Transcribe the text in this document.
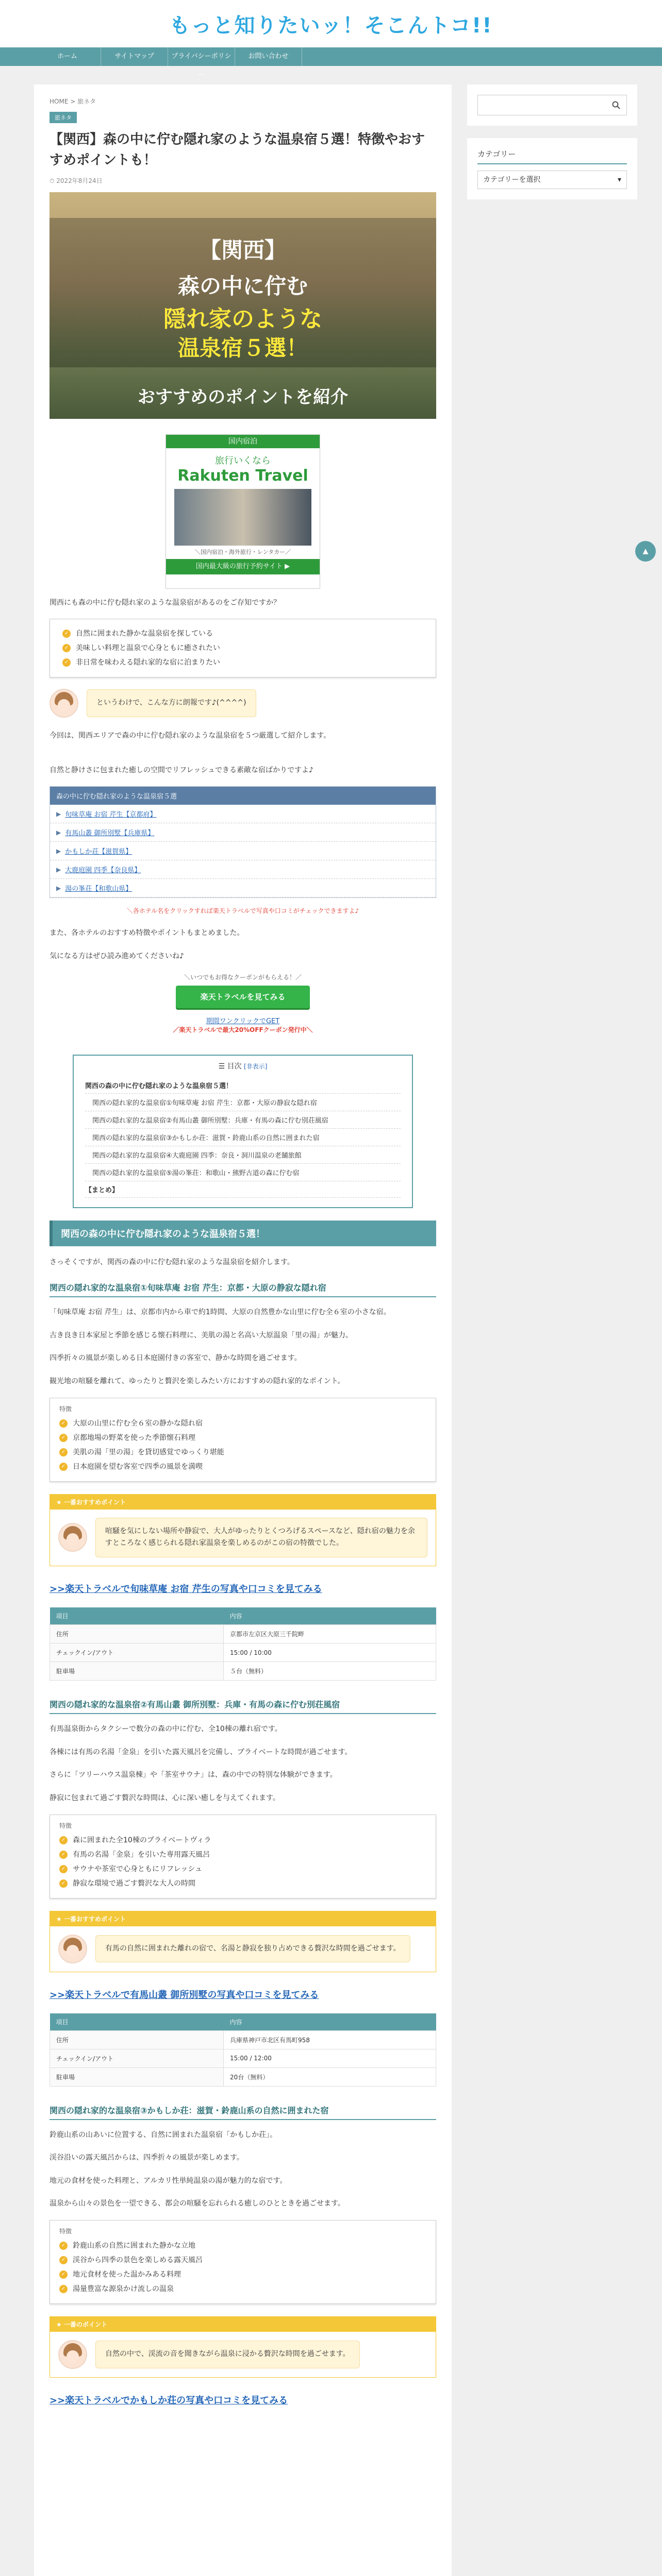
もっと知りたいッ！そこんトコ!!
ホーム	サイトマップ	プライバシーポリシー
お問い合わせ
HOME > 旅ネタ
旅ネタ
【関西】森の中に佇む隠れ家のような温泉宿５選！特徴やおすすめポイントも！
⏱ 2022年8月24日
【関西】
森の中に佇む
隠れ家のような
温泉宿５選！
おすすめのポイントを紹介
国内宿泊
旅行いくなら
Rakuten Travel
＼国内宿泊・海外旅行・レンタカー／
国内最大級の旅行予約サイト ▶

関西にも森の中に佇む隠れ家のような温泉宿があるのをご存知ですか？

✓ 自然に囲まれた静かな温泉宿を探している
✓ 美味しい料理と温泉で心身ともに癒されたい
✓ 非日常を味わえる隠れ家的な宿に泊まりたい
というわけで、こんな方に朗報です♪(^^^^)

今回は、関西エリアで森の中に佇む隠れ家のような温泉宿を５つ厳選して紹介します。

自然と静けさに包まれた癒しの空間でリフレッシュできる素敵な宿ばかりですよ♪

森の中に佇む隠れ家のような温泉宿５選
▶ 旬味草庵 お宿 芹生【京都府】
▶ 有馬山叢 御所別墅【兵庫県】
▶ かもしか荘【滋賀県】
▶ 大鹿庭園 四季【奈良県】
▶ 湯の峯荘【和歌山県】
＼各ホテル名をクリックすれば楽天トラベルで写真や口コミがチェックできますよ♪

また、各ホテルのおすすめ特徴やポイントもまとめました。

気になる方はぜひ読み進めてくださいね♪

＼いつでもお得なクーポンがもらえる！／
楽天トラベルを見てみる
期間ワンクリックでGET
／楽天トラベルで最大20%OFFクーポン発行中＼
☰ 目次 [非表示]
関西の森の中に佇む隠れ家のような温泉宿５選！
関西の隠れ家的な温泉宿①旬味草庵 お宿 芹生：京都・大原の静寂な隠れ宿
関西の隠れ家的な温泉宿②有馬山叢 御所別墅：兵庫・有馬の森に佇む別荘風宿
関西の隠れ家的な温泉宿③かもしか荘：滋賀・鈴鹿山系の自然に囲まれた宿
関西の隠れ家的な温泉宿④大鹿庭園 四季：奈良・洞川温泉の老舗旅館
関西の隠れ家的な温泉宿⑤湯の峯荘：和歌山・熊野古道の森に佇む宿
【まとめ】
関西の森の中に佇む隠れ家のような温泉宿５選！

さっそくですが、関西の森の中に佇む隠れ家のような温泉宿を紹介します。

関西の隠れ家的な温泉宿①旬味草庵 お宿 芹生：京都・大原の静寂な隠れ宿

「旬味草庵 お宿 芹生」は、京都市内から車で約1時間、大原の自然豊かな山里に佇む全６室の小さな宿。

古き良き日本家屋と季節を感じる懐石料理に、美肌の湯と名高い大原温泉「里の湯」が魅力。

四季折々の風景が楽しめる日本庭園付きの客室で、静かな時間を過ごせます。

観光地の喧騒を離れて、ゆったりと贅沢を楽しみたい方におすすめの隠れ家的なポイント。

特徴
✓ 大原の山里に佇む全６室の静かな隠れ宿
✓ 京都地場の野菜を使った季節懐石料理
✓ 美肌の湯「里の湯」を貸切感覚でゆっくり堪能
✓ 日本庭園を望む客室で四季の風景を満喫
★ 一番おすすめポイント
喧騒を気にしない場所や静寂で、大人がゆったりとくつろげるスペースなど、隠れ宿の魅力を余すところなく感じられる隠れ家温泉を楽しめるのがこの宿の特徴でした。
>>楽天トラベルで旬味草庵 お宿 芹生の写真や口コミを見てみる
項目	内容
住所	京都市左京区大原三千院畔
チェックイン/アウト	15:00 / 10:00
駐車場	５台（無料）
関西の隠れ家的な温泉宿②有馬山叢 御所別墅：兵庫・有馬の森に佇む別荘風宿

有馬温泉街からタクシーで数分の森の中に佇む、全10棟の離れ宿です。

各棟には有馬の名湯「金泉」を引いた露天風呂を完備し、プライベートな時間が過ごせます。

さらに「ツリーハウス温泉棟」や「茶室サウナ」は、森の中での特別な体験ができます。

静寂に包まれて過ごす贅沢な時間は、心に深い癒しを与えてくれます。

特徴
✓ 森に囲まれた全10棟のプライベートヴィラ
✓ 有馬の名湯「金泉」を引いた専用露天風呂
✓ サウナや茶室で心身ともにリフレッシュ
✓ 静寂な環境で過ごす贅沢な大人の時間
★ 一番おすすめポイント
有馬の自然に囲まれた離れの宿で、名湯と静寂を独り占めできる贅沢な時間を過ごせます。
>>楽天トラベルで有馬山叢 御所別墅の写真や口コミを見てみる
項目	内容
住所	兵庫県神戸市北区有馬町958
チェックイン/アウト	15:00 / 12:00
駐車場	20台（無料）
関西の隠れ家的な温泉宿③かもしか荘：滋賀・鈴鹿山系の自然に囲まれた宿

鈴鹿山系の山あいに位置する、自然に囲まれた温泉宿「かもしか荘」。

渓谷沿いの露天風呂からは、四季折々の風景が楽しめます。

地元の食材を使った料理と、アルカリ性単純温泉の湯が魅力的な宿です。

温泉から山々の景色を一望できる、都会の喧騒を忘れられる癒しのひとときを過ごせます。

特徴
✓ 鈴鹿山系の自然に囲まれた静かな立地
✓ 渓谷から四季の景色を楽しめる露天風呂
✓ 地元食材を使った温かみある料理
✓ 湯量豊富な源泉かけ流しの温泉
★ 一番のポイント
自然の中で、渓流の音を聞きながら温泉に浸かる贅沢な時間を過ごせます。
>>楽天トラベルでかもしか荘の写真や口コミを見てみる
カテゴリー
カテゴリーを選択	▾
▲
